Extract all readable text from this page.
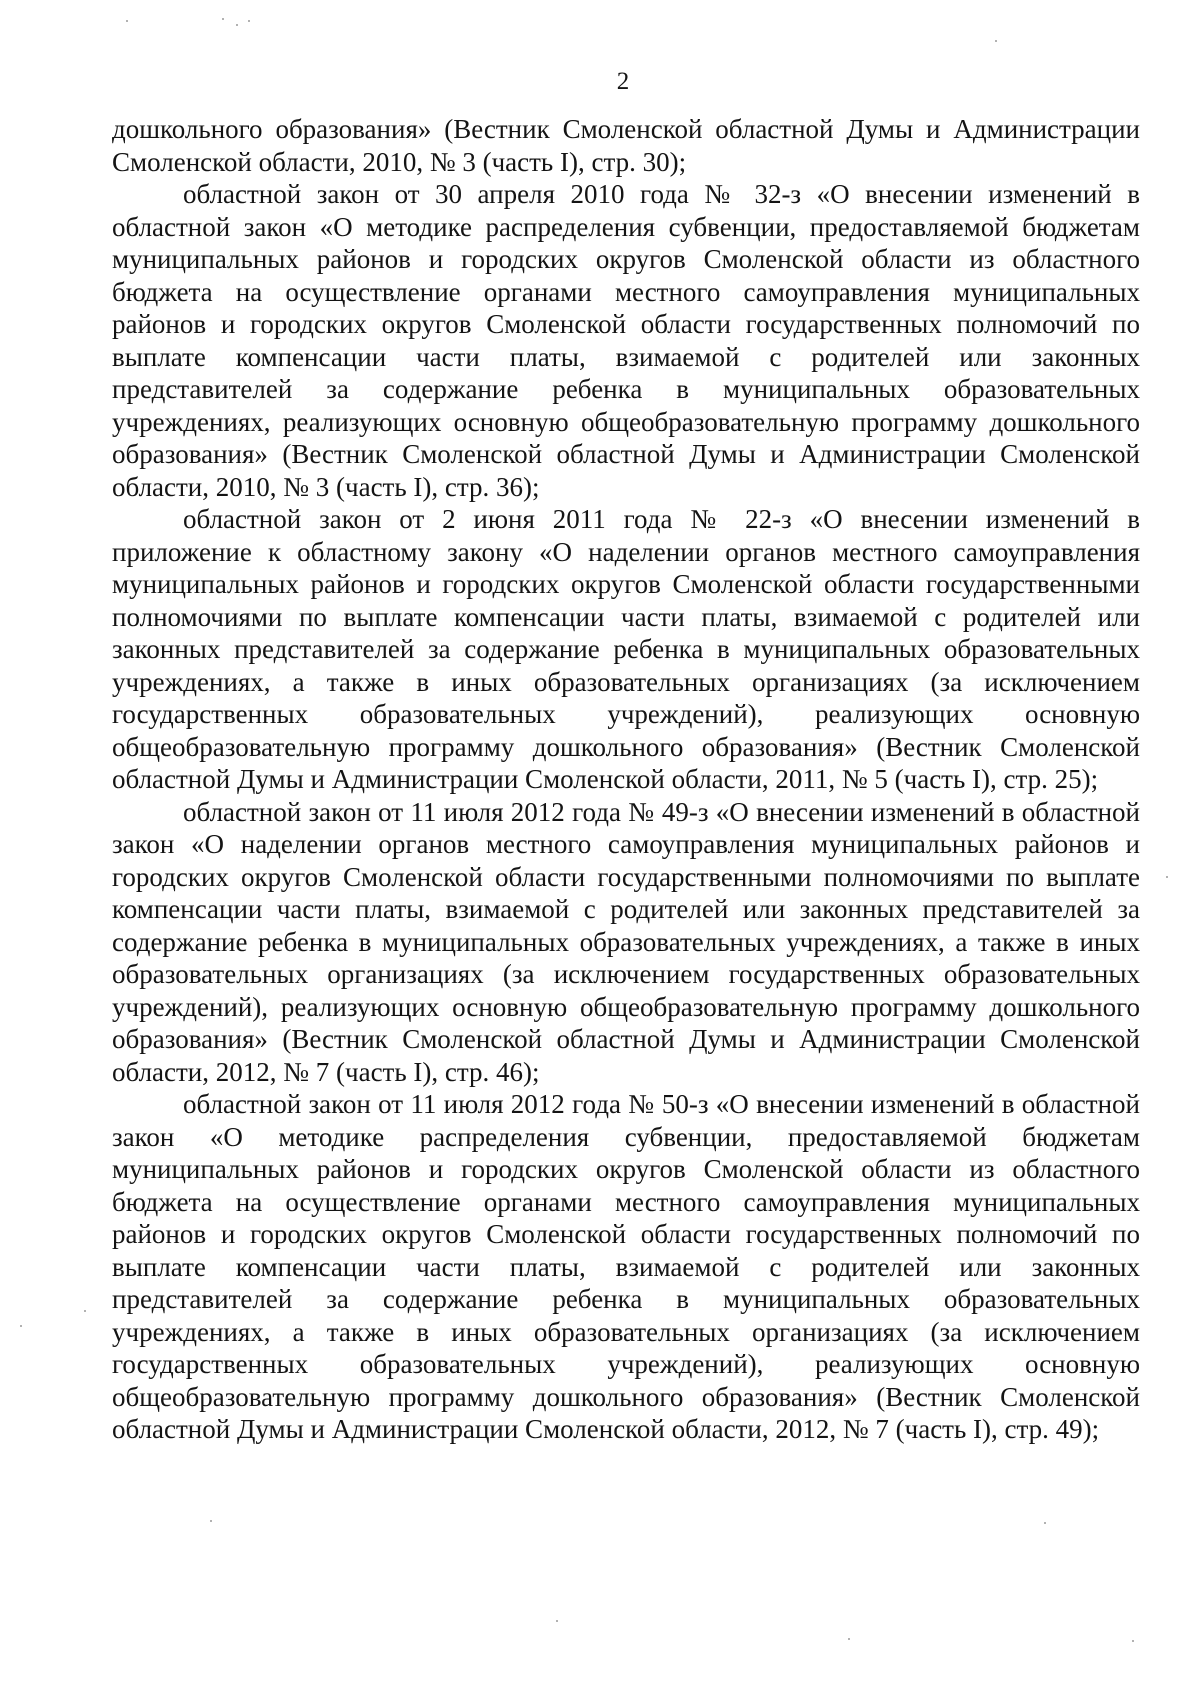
2

дошкольного образования» (Вестник Смоленской областной Думы и Администрации Смоленской области, 2010, № 3 (часть I), стр. 30);

областной закон от 30 апреля 2010 года № 32-з «О внесении изменений в областной закон «О методике распределения субвенции, предоставляемой бюджетам муниципальных районов и городских округов Смоленской области из областного бюджета на осуществление органами местного самоуправления муниципальных районов и городских округов Смоленской области государственных полномочий по выплате компенсации части платы, взимаемой с родителей или законных представителей за содержание ребенка в муниципальных образовательных учреждениях, реализующих основную общеобразовательную программу дошкольного образования» (Вестник Смоленской областной Думы и Администрации Смоленской области, 2010, № 3 (часть I), стр. 36);

областной закон от 2 июня 2011 года № 22-з «О внесении изменений в приложение к областному закону «О наделении органов местного самоуправления муниципальных районов и городских округов Смоленской области государственными полномочиями по выплате компенсации части платы, взимаемой с родителей или законных представителей за содержание ребенка в муниципальных образовательных учреждениях, а также в иных образовательных организациях (за исключением государственных образовательных учреждений), реализующих основную общеобразовательную программу дошкольного образования» (Вестник Смоленской областной Думы и Администрации Смоленской области, 2011, № 5 (часть I), стр. 25);

областной закон от 11 июля 2012 года № 49-з «О внесении изменений в областной закон «О наделении органов местного самоуправления муниципальных районов и городских округов Смоленской области государственными полномочиями по выплате компенсации части платы, взимаемой с родителей или законных представителей за содержание ребенка в муниципальных образовательных учреждениях, а также в иных образовательных организациях (за исключением государственных образовательных учреждений), реализующих основную общеобразовательную программу дошкольного образования» (Вестник Смоленской областной Думы и Администрации Смоленской области, 2012, № 7 (часть I), стр. 46);

областной закон от 11 июля 2012 года № 50-з «О внесении изменений в областной закон «О методике распределения субвенции, предоставляемой бюджетам муниципальных районов и городских округов Смоленской области из областного бюджета на осуществление органами местного самоуправления муниципальных районов и городских округов Смоленской области государственных полномочий по выплате компенсации части платы, взимаемой с родителей или законных представителей за содержание ребенка в муниципальных образовательных учреждениях, а также в иных образовательных организациях (за исключением государственных образовательных учреждений), реализующих основную общеобразовательную программу дошкольного образования» (Вестник Смоленской областной Думы и Администрации Смоленской области, 2012, № 7 (часть I), стр. 49);
